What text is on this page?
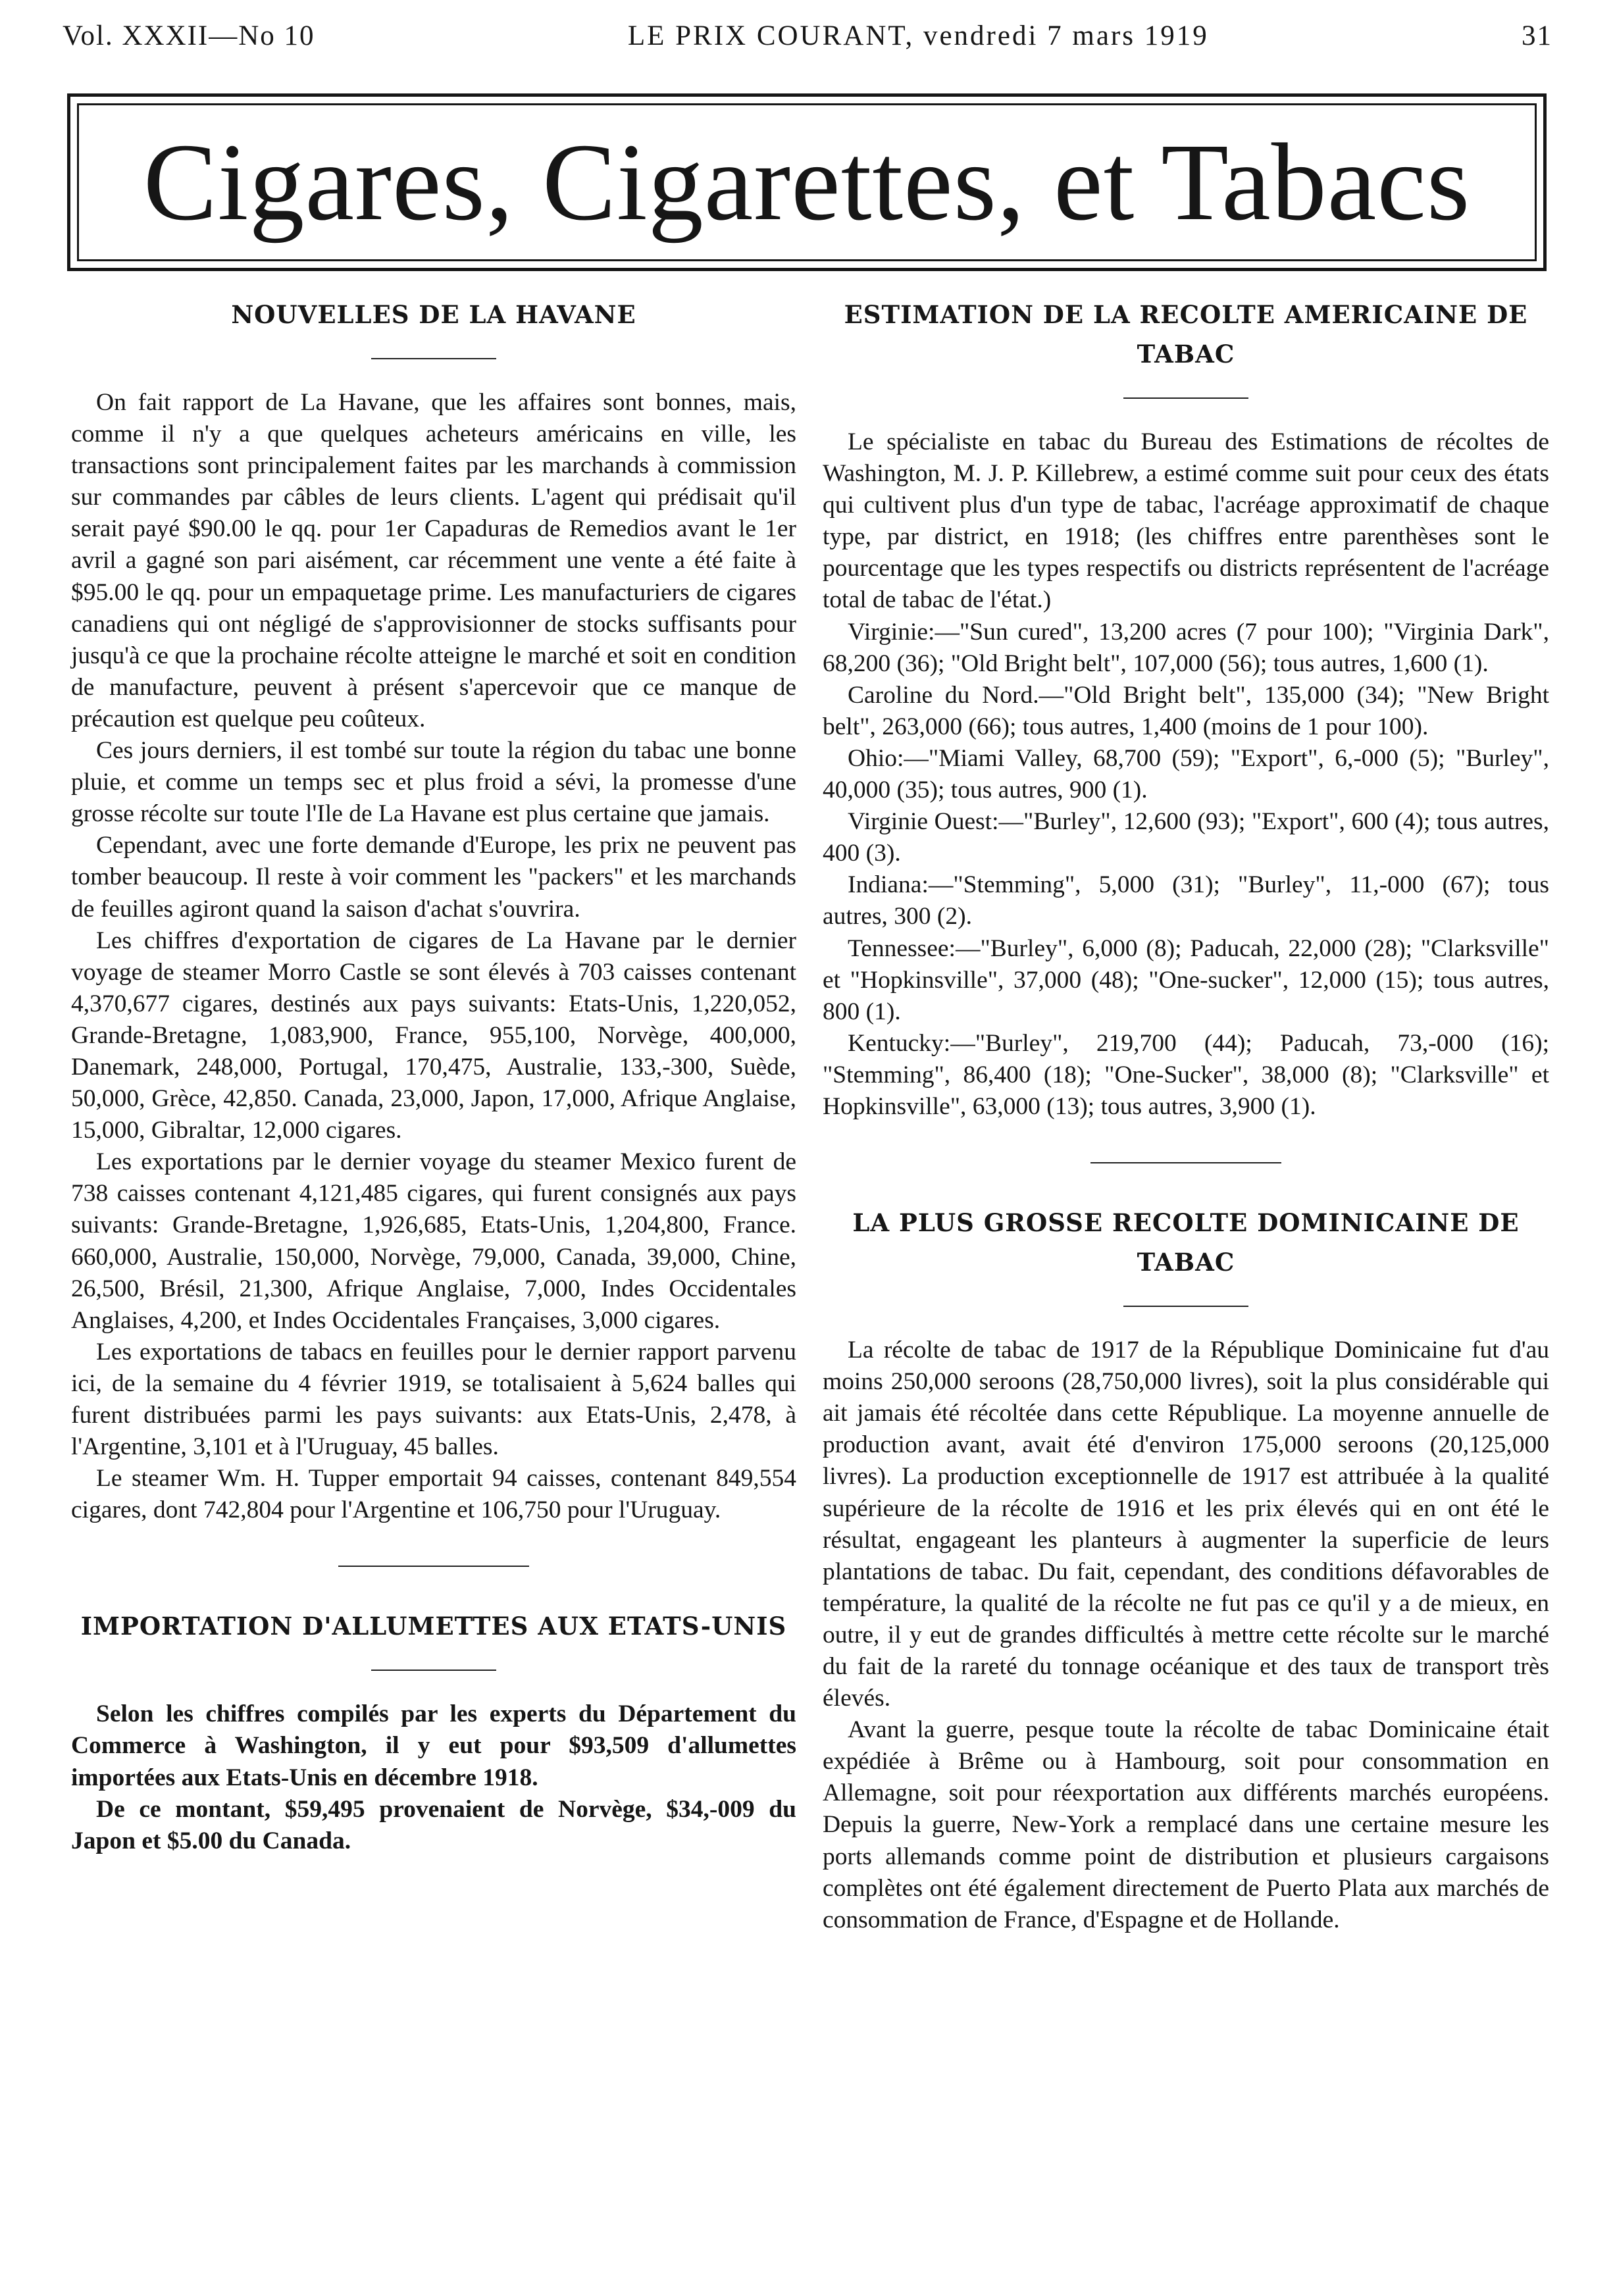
Vol. XXXII—No 10	LE PRIX COURANT, vendredi 7 mars 1919	31
Cigares, Cigarettes, et Tabacs
NOUVELLES DE LA HAVANE

On fait rapport de La Havane, que les affaires sont bonnes, mais, comme il n'y a que quelques acheteurs américains en ville, les transactions sont principalement faites par les marchands à commission sur commandes par câbles de leurs clients. L'agent qui prédisait qu'il serait payé $90.00 le qq. pour 1er Capaduras de Remedios avant le 1er avril a gagné son pari aisément, car récemment une vente a été faite à $95.00 le qq. pour un empaquetage prime. Les manufacturiers de cigares canadiens qui ont négligé de s'approvisionner de stocks suffisants pour jusqu'à ce que la prochaine récolte atteigne le marché et soit en condition de manufacture, peuvent à présent s'apercevoir que ce manque de précaution est quelque peu coûteux.

Ces jours derniers, il est tombé sur toute la région du tabac une bonne pluie, et comme un temps sec et plus froid a sévi, la promesse d'une grosse récolte sur toute l'Ile de La Havane est plus certaine que jamais.

Cependant, avec une forte demande d'Europe, les prix ne peuvent pas tomber beaucoup. Il reste à voir comment les "packers" et les marchands de feuilles agiront quand la saison d'achat s'ouvrira.

Les chiffres d'exportation de cigares de La Havane par le dernier voyage de steamer Morro Castle se sont élevés à 703 caisses contenant 4,370,677 cigares, destinés aux pays suivants: Etats-Unis, 1,220,052, Grande-Bretagne, 1,083,900, France, 955,100, Norvège, 400,000, Danemark, 248,000, Portugal, 170,475, Australie, 133,-300, Suède, 50,000, Grèce, 42,850. Canada, 23,000, Japon, 17,000, Afrique Anglaise, 15,000, Gibraltar, 12,000 cigares.

Les exportations par le dernier voyage du steamer Mexico furent de 738 caisses contenant 4,121,485 cigares, qui furent consignés aux pays suivants: Grande-Bretagne, 1,926,685, Etats-Unis, 1,204,800, France. 660,000, Australie, 150,000, Norvège, 79,000, Canada, 39,000, Chine, 26,500, Brésil, 21,300, Afrique Anglaise, 7,000, Indes Occidentales Anglaises, 4,200, et Indes Occidentales Françaises, 3,000 cigares.

Les exportations de tabacs en feuilles pour le dernier rapport parvenu ici, de la semaine du 4 février 1919, se totalisaient à 5,624 balles qui furent distribuées parmi les pays suivants: aux Etats-Unis, 2,478, à l'Argentine, 3,101 et à l'Uruguay, 45 balles.

Le steamer Wm. H. Tupper emportait 94 caisses, contenant 849,554 cigares, dont 742,804 pour l'Argentine et 106,750 pour l'Uruguay.

IMPORTATION D'ALLUMETTES AUX ETATS-UNIS

Selon les chiffres compilés par les experts du Département du Commerce à Washington, il y eut pour $93,509 d'allumettes importées aux Etats-Unis en décembre 1918.

De ce montant, $59,495 provenaient de Norvège, $34,-009 du Japon et $5.00 du Canada.

ESTIMATION DE LA RECOLTE AMERICAINE DE TABAC

Le spécialiste en tabac du Bureau des Estimations de récoltes de Washington, M. J. P. Killebrew, a estimé comme suit pour ceux des états qui cultivent plus d'un type de tabac, l'acréage approximatif de chaque type, par district, en 1918; (les chiffres entre parenthèses sont le pourcentage que les types respectifs ou districts représentent de l'acréage total de tabac de l'état.)

Virginie:—"Sun cured", 13,200 acres (7 pour 100); "Virginia Dark", 68,200 (36); "Old Bright belt", 107,000 (56); tous autres, 1,600 (1).

Caroline du Nord.—"Old Bright belt", 135,000 (34); "New Bright belt", 263,000 (66); tous autres, 1,400 (moins de 1 pour 100).

Ohio:—"Miami Valley, 68,700 (59); "Export", 6,-000 (5); "Burley", 40,000 (35); tous autres, 900 (1).

Virginie Ouest:—"Burley", 12,600 (93); "Export", 600 (4); tous autres, 400 (3).

Indiana:—"Stemming", 5,000 (31); "Burley", 11,-000 (67); tous autres, 300 (2).

Tennessee:—"Burley", 6,000 (8); Paducah, 22,000 (28); "Clarksville" et "Hopkinsville", 37,000 (48); "One-sucker", 12,000 (15); tous autres, 800 (1).

Kentucky:—"Burley", 219,700 (44); Paducah, 73,-000 (16); "Stemming", 86,400 (18); "One-Sucker", 38,000 (8); "Clarksville" et Hopkinsville", 63,000 (13); tous autres, 3,900 (1).

LA PLUS GROSSE RECOLTE DOMINICAINE DE TABAC

La récolte de tabac de 1917 de la République Dominicaine fut d'au moins 250,000 seroons (28,750,000 livres), soit la plus considérable qui ait jamais été récoltée dans cette République. La moyenne annuelle de production avant, avait été d'environ 175,000 seroons (20,125,000 livres). La production exceptionnelle de 1917 est attribuée à la qualité supérieure de la récolte de 1916 et les prix élevés qui en ont été le résultat, engageant les planteurs à augmenter la superficie de leurs plantations de tabac. Du fait, cependant, des conditions défavorables de température, la qualité de la récolte ne fut pas ce qu'il y a de mieux, en outre, il y eut de grandes difficultés à mettre cette récolte sur le marché du fait de la rareté du tonnage océanique et des taux de transport très élevés.

Avant la guerre, pesque toute la récolte de tabac Dominicaine était expédiée à Brême ou à Hambourg, soit pour consommation en Allemagne, soit pour réexportation aux différents marchés européens. Depuis la guerre, New-York a remplacé dans une certaine mesure les ports allemands comme point de distribution et plusieurs cargaisons complètes ont été également directement de Puerto Plata aux marchés de consommation de France, d'Espagne et de Hollande.
